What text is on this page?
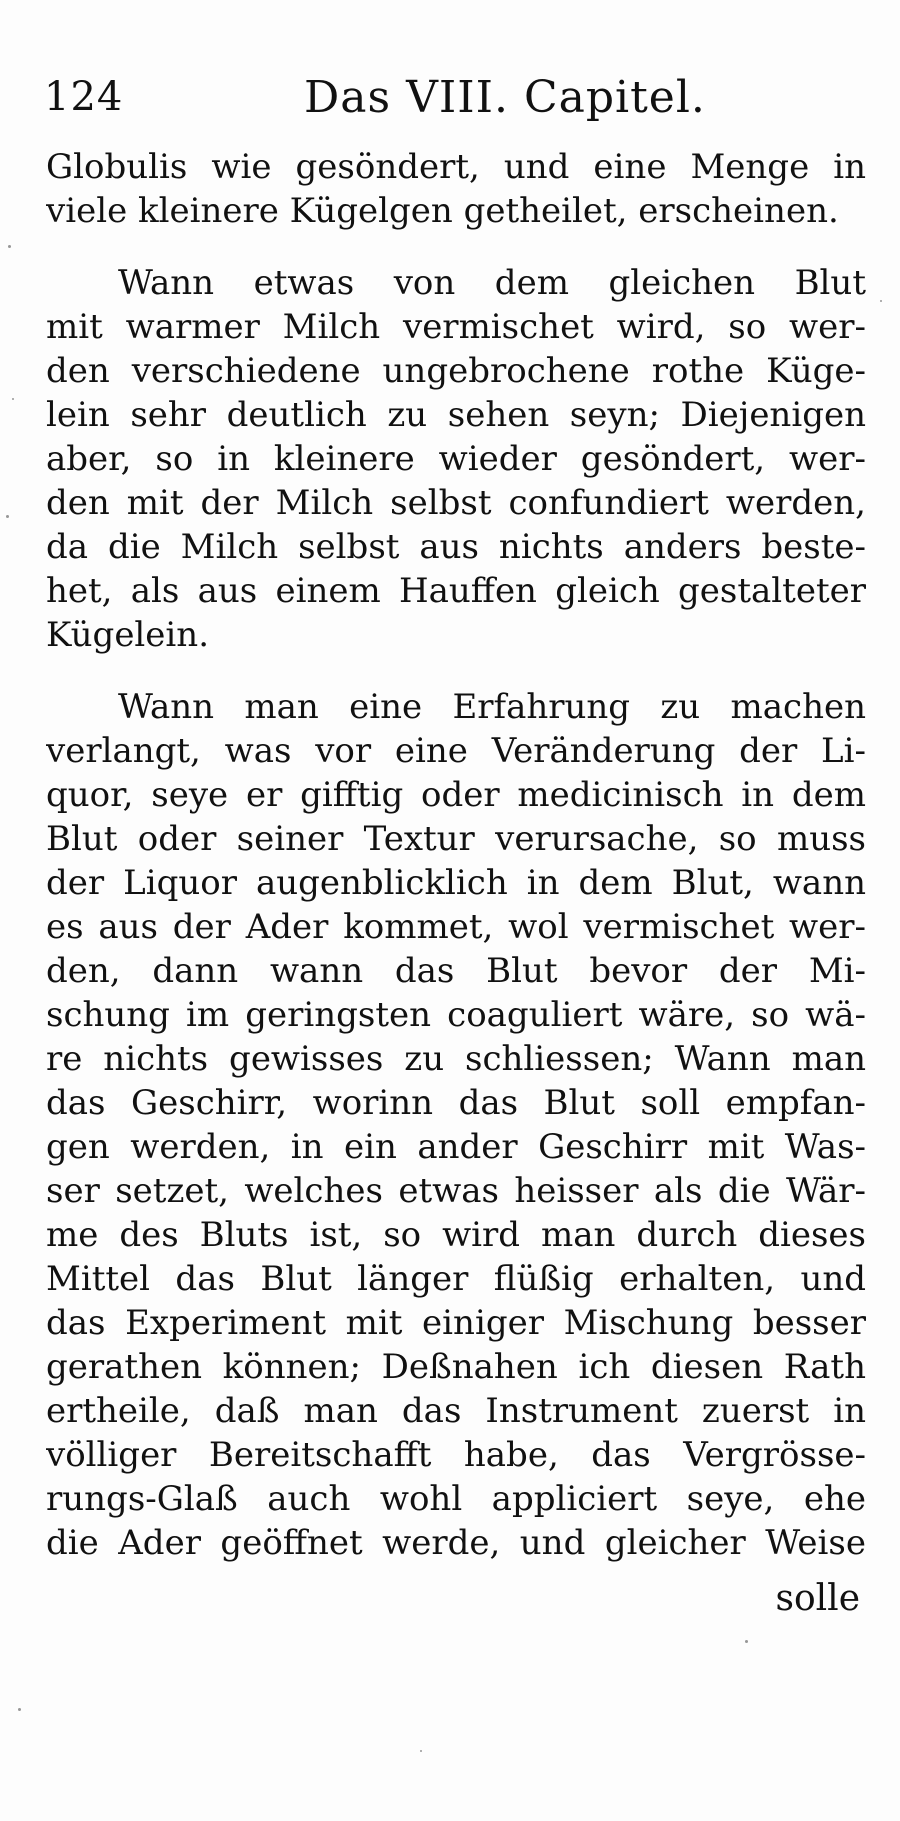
124	Das VIII. Capitel.
Globulis wie gesöndert, und eine Menge in
viele kleinere Kügelgen getheilet, erscheinen.
Wann etwas von dem gleichen Blut
mit warmer Milch vermischet wird, so wer-
den verschiedene ungebrochene rothe Küge-
lein sehr deutlich zu sehen seyn; Diejenigen
aber, so in kleinere wieder gesöndert, wer-
den mit der Milch selbst confundiert werden,
da die Milch selbst aus nichts anders beste-
het, als aus einem Hauffen gleich gestalteter
Kügelein.
Wann man eine Erfahrung zu machen
verlangt, was vor eine Veränderung der Li-
quor, seye er gifftig oder medicinisch in dem
Blut oder seiner Textur verursache, so muss
der Liquor augenblicklich in dem Blut, wann
es aus der Ader kommet, wol vermischet wer-
den, dann wann das Blut bevor der Mi-
schung im geringsten coaguliert wäre, so wä-
re nichts gewisses zu schliessen; Wann man
das Geschirr, worinn das Blut soll empfan-
gen werden, in ein ander Geschirr mit Was-
ser setzet, welches etwas heisser als die Wär-
me des Bluts ist, so wird man durch dieses
Mittel das Blut länger flüßig erhalten, und
das Experiment mit einiger Mischung besser
gerathen können; Deßnahen ich diesen Rath
ertheile, daß man das Instrument zuerst in
völliger Bereitschafft habe, das Vergrösse-
rungs-Glaß auch wohl appliciert seye, ehe
die Ader geöffnet werde, und gleicher Weise
solle
